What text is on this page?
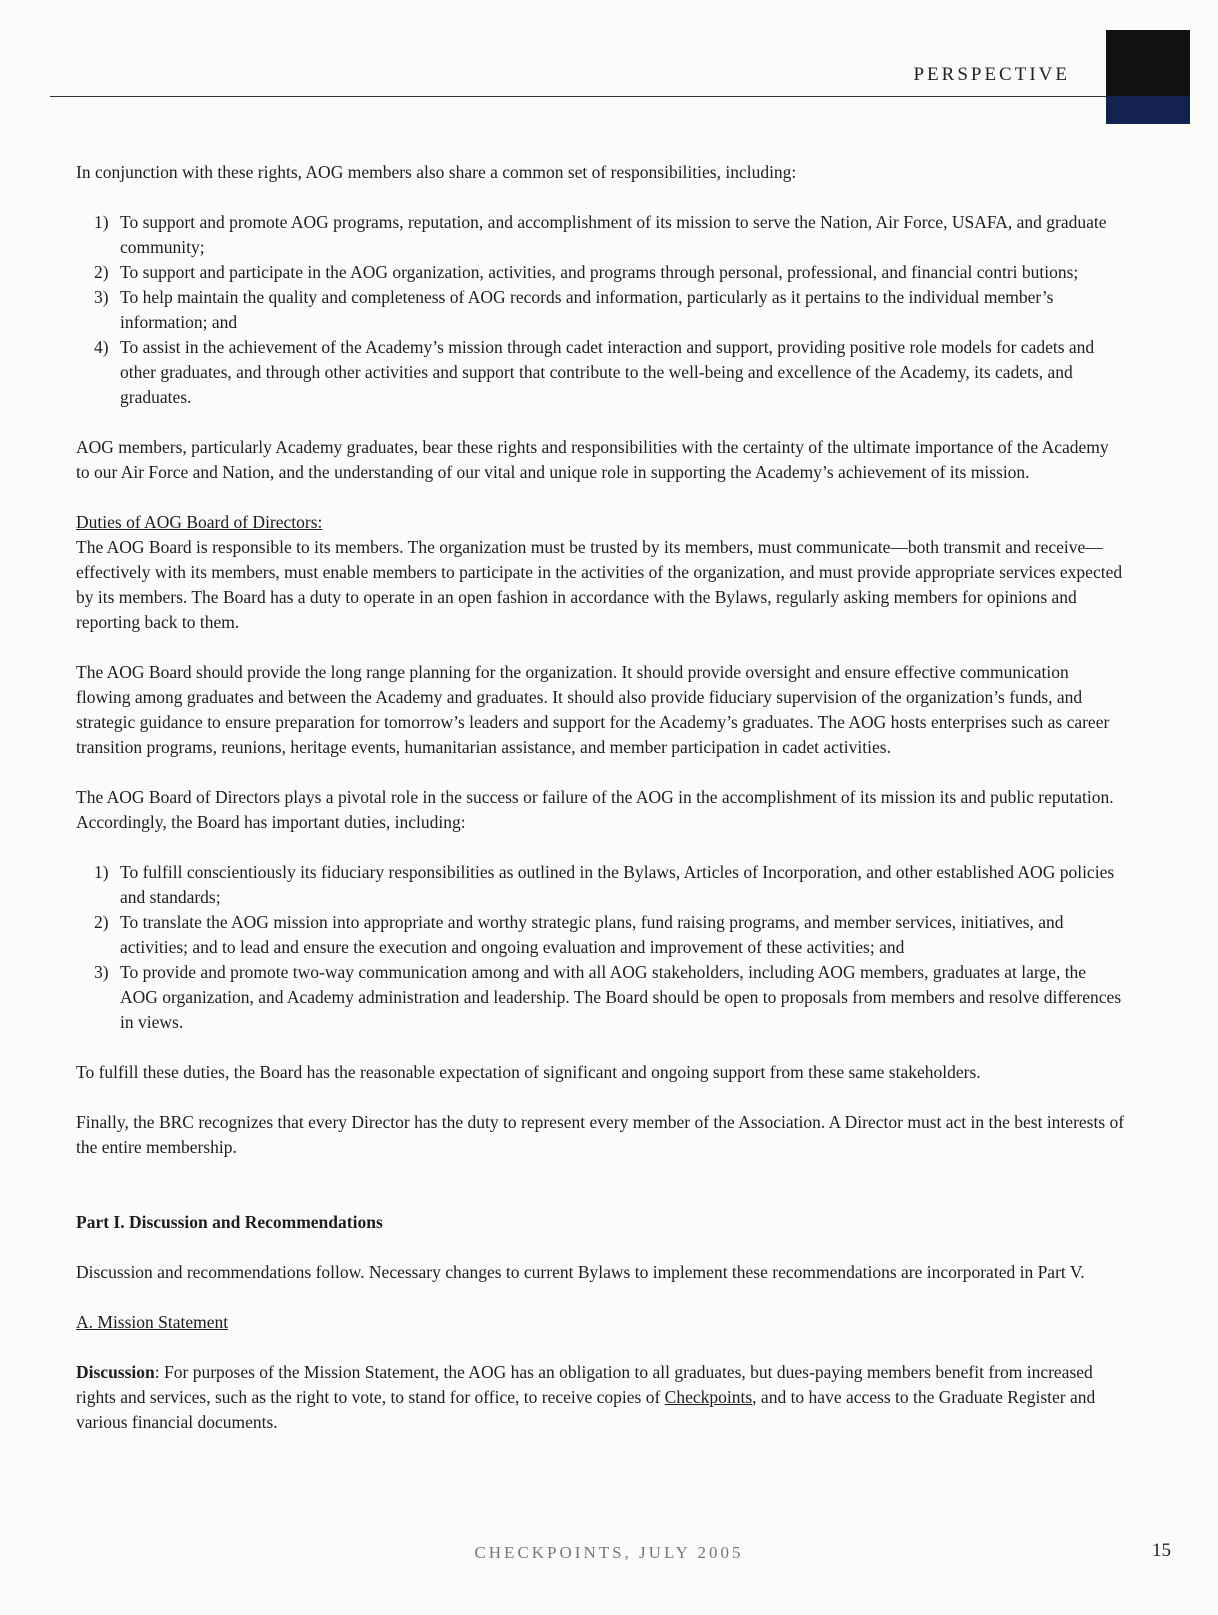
PERSPECTIVE

In conjunction with these rights, AOG members also share a common set of responsibilities, including:

1) To support and promote AOG programs, reputation, and accomplishment of its mission to serve the Nation, Air Force, USAFA, and graduate community;
2) To support and participate in the AOG organization, activities, and programs through personal, professional, and financial contri butions;
3) To help maintain the quality and completeness of AOG records and information, particularly as it pertains to the individual member’s information; and
4) To assist in the achievement of the Academy’s mission through cadet interaction and support, providing positive role models for cadets and other graduates, and through other activities and support that contribute to the well-being and excellence of the Academy, its cadets, and graduates.

AOG members, particularly Academy graduates, bear these rights and responsibilities with the certainty of the ultimate importance of the Academy to our Air Force and Nation, and the understanding of our vital and unique role in supporting the Academy’s achievement of its mission.

Duties of AOG Board of Directors:
The AOG Board is responsible to its members. The organization must be trusted by its members, must communicate—both transmit and receive—effectively with its members, must enable members to participate in the activities of the organization, and must provide appropriate services expected by its members. The Board has a duty to operate in an open fashion in accordance with the Bylaws, regularly asking members for opinions and reporting back to them.

The AOG Board should provide the long range planning for the organization. It should provide oversight and ensure effective communication flowing among graduates and between the Academy and graduates. It should also provide fiduciary supervision of the organization’s funds, and strategic guidance to ensure preparation for tomorrow’s leaders and support for the Academy’s graduates. The AOG hosts enterprises such as career transition programs, reunions, heritage events, humanitarian assistance, and member participation in cadet activities.

The AOG Board of Directors plays a pivotal role in the success or failure of the AOG in the accomplishment of its mission its and public reputation. Accordingly, the Board has important duties, including:

1) To fulfill conscientiously its fiduciary responsibilities as outlined in the Bylaws, Articles of Incorporation, and other established AOG policies and standards;
2) To translate the AOG mission into appropriate and worthy strategic plans, fund raising programs, and member services, initiatives, and activities; and to lead and ensure the execution and ongoing evaluation and improvement of these activities; and
3) To provide and promote two-way communication among and with all AOG stakeholders, including AOG members, graduates at large, the AOG organization, and Academy administration and leadership. The Board should be open to proposals from members and resolve differences in views.

To fulfill these duties, the Board has the reasonable expectation of significant and ongoing support from these same stakeholders.

Finally, the BRC recognizes that every Director has the duty to represent every member of the Association. A Director must act in the best interests of the entire membership.

Part I. Discussion and Recommendations

Discussion and recommendations follow. Necessary changes to current Bylaws to implement these recommendations are incorporated in Part V.

A. Mission Statement

Discussion: For purposes of the Mission Statement, the AOG has an obligation to all graduates, but dues-paying members benefit from increased rights and services, such as the right to vote, to stand for office, to receive copies of Checkpoints, and to have access to the Graduate Register and various financial documents.

CHECKPOINTS, JULY 2005	15
